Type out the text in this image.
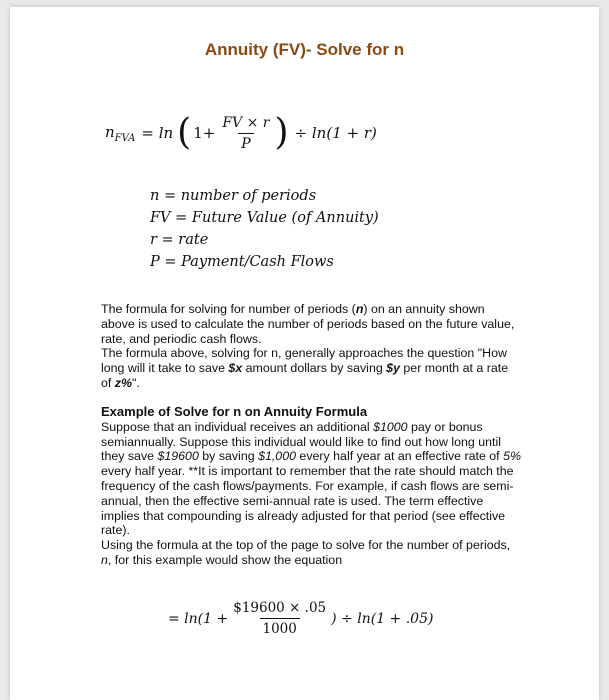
Annuity (FV)- Solve for n
$n_{FVA} = \ln$ ( $1+ \frac{FV \times r}{P}$ ) ÷ ln(1 + r)
n = number of periods
FV = Future Value (of Annuity)
r = rate
P = Payment/Cash Flows
The formula for solving for number of periods (n) on an annuity shown above is used to calculate the number of periods based on the future value, rate, and periodic cash flows.
The formula above, solving for n, generally approaches the question "How long will it take to save $x amount dollars by saving $y per month at a rate of z%".
Example of Solve for n on Annuity Formula
Suppose that an individual receives an additional $1000 pay or bonus semiannually. Suppose this individual would like to find out how long until they save $19600 by saving $1,000 every half year at an effective rate of 5% every half year. **It is important to remember that the rate should match the frequency of the cash flows/payments. For example, if cash flows are semi-annual, then the effective semi-annual rate is used. The term effective implies that compounding is already adjusted for that period (see effective rate).
Using the formula at the top of the page to solve for the number of periods, n, for this example would show the equation
= $\ln(1 + \frac{\$19600 \times .05}{1000}$ ) ÷ ln(1 + .05)
